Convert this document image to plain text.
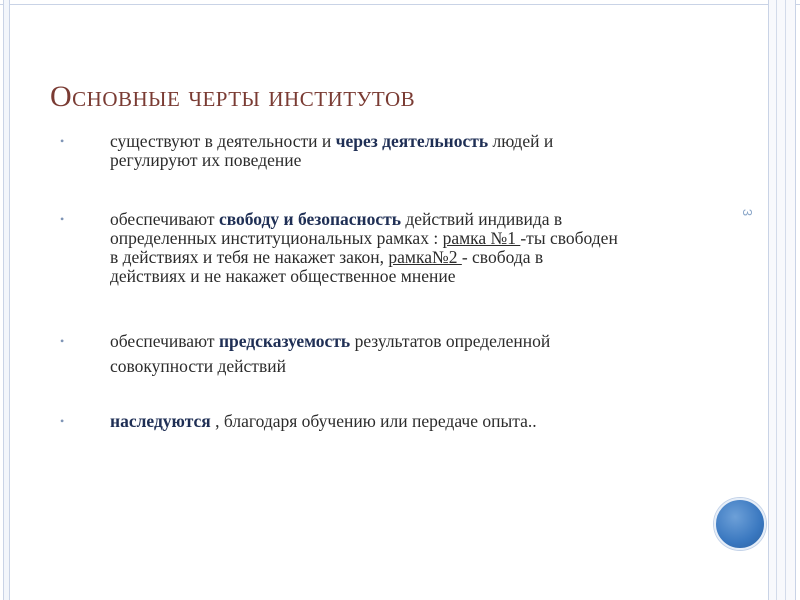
Основные черты институтов
3
•	существуют в деятельности и через деятельность людей и
регулируют их поведение
•	обеспечивают свободу и безопасность действий индивида в
определенных институциональных рамках : рамка №1 -ты свободен
в действиях и тебя не накажет закон, рамка№2 - свобода в
действиях и не накажет общественное мнение
•	обеспечивают предсказуемость результатов определенной
совокупности действий
•	наследуются , благодаря обучению или передаче опыта..
